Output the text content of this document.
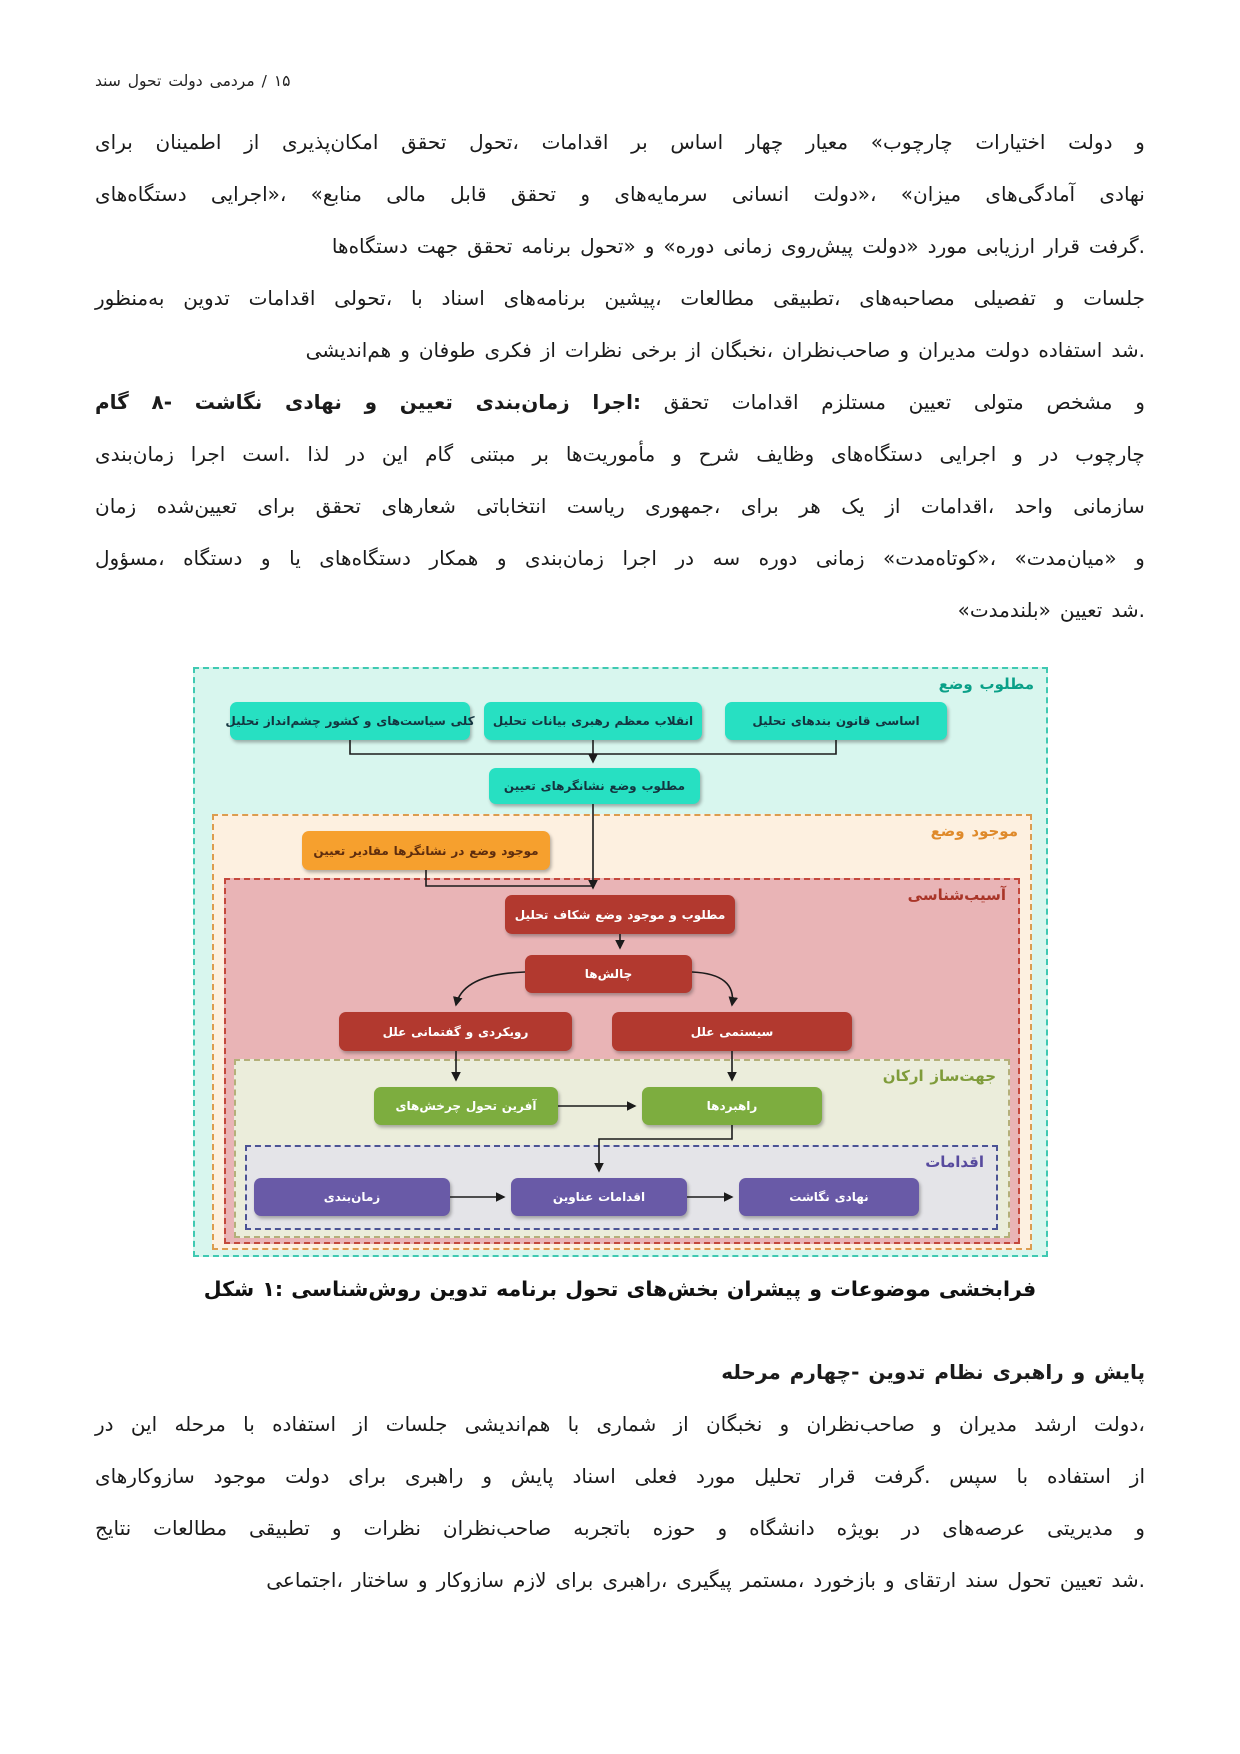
سند تحول دولت مردمی / ۱۵
برای اطمینان از امکان‌پذیری تحقق تحول، اقدامات بر اساس چهار معیار «چارچوب اختیارات دولت و
دستگاه‌های اجرایی»، «منابع مالی قابل تحقق و سرمایه‌های انسانی دولت»، «میزان آمادگی‌های نهادی
دستگاه‌ها جهت تحقق برنامه تحول» و «دوره زمانی پیش‌روی دولت» مورد ارزیابی قرار گرفت.
به‌منظور تدوین اقدامات تحولی، با اسناد برنامه‌های پیشین، مطالعات تطبیقی، مصاحبه‌های تفصیلی و جلسات
هم‌اندیشی و طوفان فکری از نظرات برخی از نخبگان، صاحب‌نظران و مدیران دولت استفاده شد.
گام ۸- نگاشت نهادی و تعیین زمان‌بندی اجرا: تحقق اقدامات مستلزم تعیین متولی مشخص و
زمان‌بندی اجرا است. لذا در این گام مبتنی بر مأموریت‌ها و شرح وظایف دستگاه‌های اجرایی و در چارچوب
زمان تعیین‌شده برای تحقق شعارهای انتخاباتی ریاست جمهوری، برای هر یک از اقدامات، واحد سازمانی
مسؤول، دستگاه و یا دستگاه‌های همکار و زمان‌بندی اجرا در سه دوره زمانی «کوتاه‌مدت»، «میان‌مدت» و
«بلندمدت» تعیین شد.
وضع مطلوب
وضع موجود
آسیب‌شناسی
ارکان جهت‌ساز
اقدامات
تحلیل چشم‌انداز کشور و سیاست‌های کلی تحلیل بیانات رهبری معظم انقلاب	تحلیل بندهای قانون اساسی
تعیین نشانگرهای وضع مطلوب
تعیین مقادیر نشانگرها در وضع موجود
تحلیل شکاف وضع موجود و مطلوب
چالش‌ها
علل گفتمانی و رویکردی	علل سیستمی
چرخش‌های تحول آفرین	راهبردها
زمان‌بندی	عناوین اقدامات	نگاشت نهادی
شکل ۱: روش‌شناسی تدوین برنامه تحول بخش‌های پیشران و موضوعات فرابخشی
مرحله چهارم- تدوین نظام راهبری و پایش
در این مرحله با استفاده از جلسات هم‌اندیشی با شماری از نخبگان و صاحب‌نظران و مدیران ارشد دولت،
سازوکارهای موجود دولت برای راهبری و پایش اسناد فعلی مورد تحلیل قرار گرفت. سپس با استفاده از
نتایج مطالعات تطبیقی و نظرات صاحب‌نظران باتجربه حوزه و دانشگاه بویژه در عرصه‌های مدیریتی و
اجتماعی، ساختار و سازوکار لازم برای راهبری، پیگیری مستمر، بازخورد و ارتقای سند تحول تعیین شد.
